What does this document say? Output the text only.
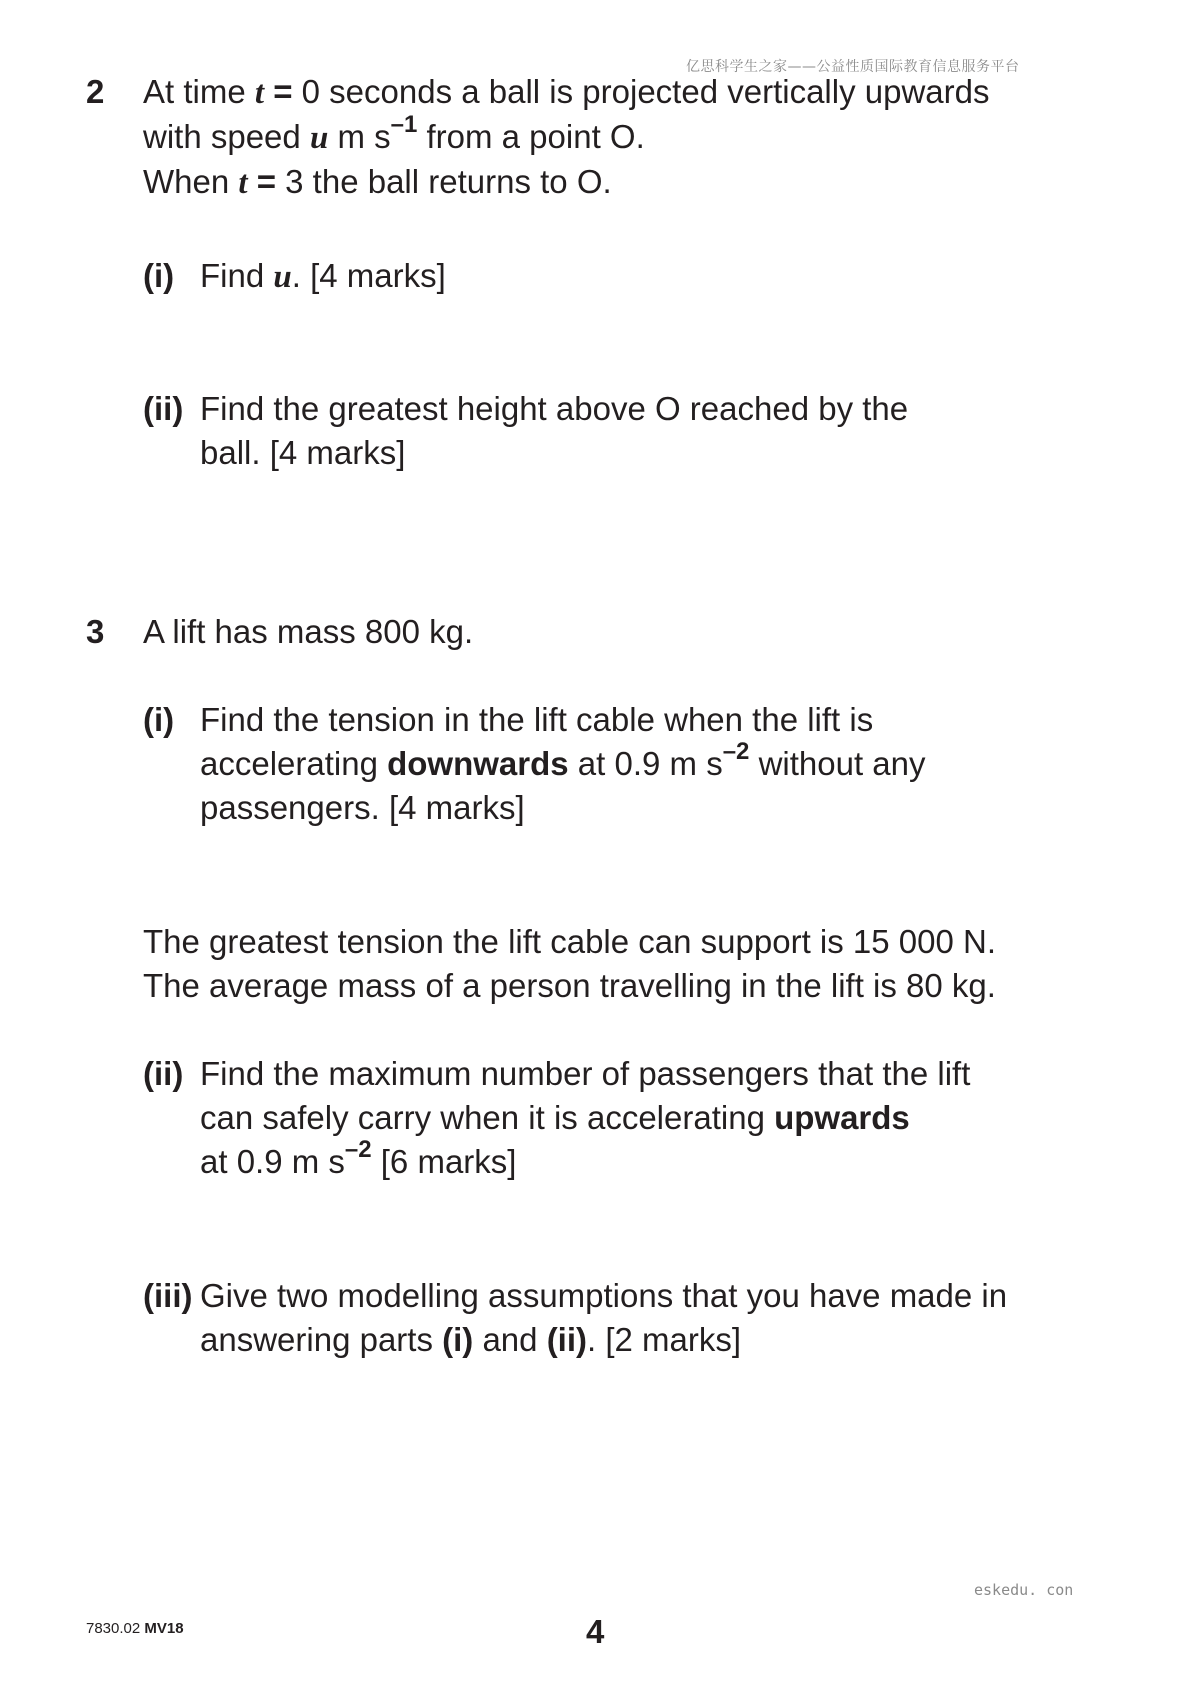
亿思科学生之家——公益性质国际教育信息服务平台
2 At time t = 0 seconds a ball is projected vertically upwards

with speed u m $s^{-1}$ from a point O.

When t = 3 the ball returns to O.

(i) Find u. [4 marks]

(ii) Find the greatest height above O reached by the

ball. [4 marks]

3 A lift has mass 800 kg.

(i) Find the tension in the lift cable when the lift is

accelerating downwards at 0.9 m $s^{-2}$ without any

passengers. [4 marks]

The greatest tension the lift cable can support is 15 000 N.

The average mass of a person travelling in the lift is 80 kg.

(ii) Find the maximum number of passengers that the lift

can safely carry when it is accelerating upwards

at 0.9 m $s^{-2}$ [6 marks]

(iii) Give two modelling assumptions that you have made in

answering parts (i) and (ii). [2 marks]

eskedu. con
7830.02 MV18	4
